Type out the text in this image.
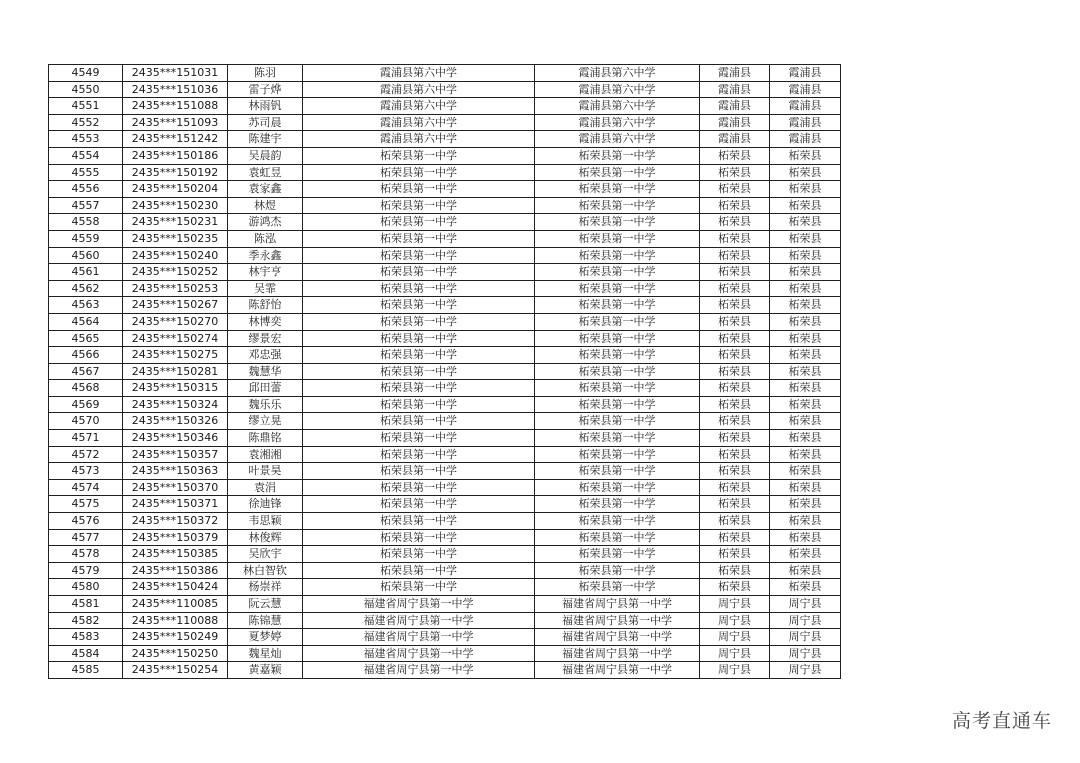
4549	2435***151031	陈羽	霞浦县第六中学	霞浦县第六中学	霞浦县	霞浦县
4550	2435***151036	雷子烨	霞浦县第六中学	霞浦县第六中学	霞浦县	霞浦县
4551	2435***151088	林雨钒	霞浦县第六中学	霞浦县第六中学	霞浦县	霞浦县
4552	2435***151093	苏司晨	霞浦县第六中学	霞浦县第六中学	霞浦县	霞浦县
4553	2435***151242	陈建宇	霞浦县第六中学	霞浦县第六中学	霞浦县	霞浦县
4554	2435***150186	吴晨韵	柘荣县第一中学	柘荣县第一中学	柘荣县	柘荣县
4555	2435***150192	袁虹昱	柘荣县第一中学	柘荣县第一中学	柘荣县	柘荣县
4556	2435***150204	袁家鑫	柘荣县第一中学	柘荣县第一中学	柘荣县	柘荣县
4557	2435***150230	林煜	柘荣县第一中学	柘荣县第一中学	柘荣县	柘荣县
4558	2435***150231	游鸿杰	柘荣县第一中学	柘荣县第一中学	柘荣县	柘荣县
4559	2435***150235	陈泓	柘荣县第一中学	柘荣县第一中学	柘荣县	柘荣县
4560	2435***150240	季永鑫	柘荣县第一中学	柘荣县第一中学	柘荣县	柘荣县
4561	2435***150252	林宇亨	柘荣县第一中学	柘荣县第一中学	柘荣县	柘荣县
4562	2435***150253	吴霏	柘荣县第一中学	柘荣县第一中学	柘荣县	柘荣县
4563	2435***150267	陈舒怡	柘荣县第一中学	柘荣县第一中学	柘荣县	柘荣县
4564	2435***150270	林博奕	柘荣县第一中学	柘荣县第一中学	柘荣县	柘荣县
4565	2435***150274	缪景宏	柘荣县第一中学	柘荣县第一中学	柘荣县	柘荣县
4566	2435***150275	邓忠强	柘荣县第一中学	柘荣县第一中学	柘荣县	柘荣县
4567	2435***150281	魏慧华	柘荣县第一中学	柘荣县第一中学	柘荣县	柘荣县
4568	2435***150315	邱田蕾	柘荣县第一中学	柘荣县第一中学	柘荣县	柘荣县
4569	2435***150324	魏乐乐	柘荣县第一中学	柘荣县第一中学	柘荣县	柘荣县
4570	2435***150326	缪立晃	柘荣县第一中学	柘荣县第一中学	柘荣县	柘荣县
4571	2435***150346	陈鼎铭	柘荣县第一中学	柘荣县第一中学	柘荣县	柘荣县
4572	2435***150357	袁湘湘	柘荣县第一中学	柘荣县第一中学	柘荣县	柘荣县
4573	2435***150363	叶景昊	柘荣县第一中学	柘荣县第一中学	柘荣县	柘荣县
4574	2435***150370	袁涓	柘荣县第一中学	柘荣县第一中学	柘荣县	柘荣县
4575	2435***150371	徐迪锋	柘荣县第一中学	柘荣县第一中学	柘荣县	柘荣县
4576	2435***150372	韦思颖	柘荣县第一中学	柘荣县第一中学	柘荣县	柘荣县
4577	2435***150379	林俊辉	柘荣县第一中学	柘荣县第一中学	柘荣县	柘荣县
4578	2435***150385	吴欣宇	柘荣县第一中学	柘荣县第一中学	柘荣县	柘荣县
4579	2435***150386	林白智钦	柘荣县第一中学	柘荣县第一中学	柘荣县	柘荣县
4580	2435***150424	杨崇祥	柘荣县第一中学	柘荣县第一中学	柘荣县	柘荣县
4581	2435***110085	阮云慧	福建省周宁县第一中学	福建省周宁县第一中学	周宁县	周宁县
4582	2435***110088	陈锦慧	福建省周宁县第一中学	福建省周宁县第一中学	周宁县	周宁县
4583	2435***150249	夏梦婷	福建省周宁县第一中学	福建省周宁县第一中学	周宁县	周宁县
4584	2435***150250	魏星灿	福建省周宁县第一中学	福建省周宁县第一中学	周宁县	周宁县
4585	2435***150254	黄嘉颖	福建省周宁县第一中学	福建省周宁县第一中学	周宁县	周宁县
高考直通车
